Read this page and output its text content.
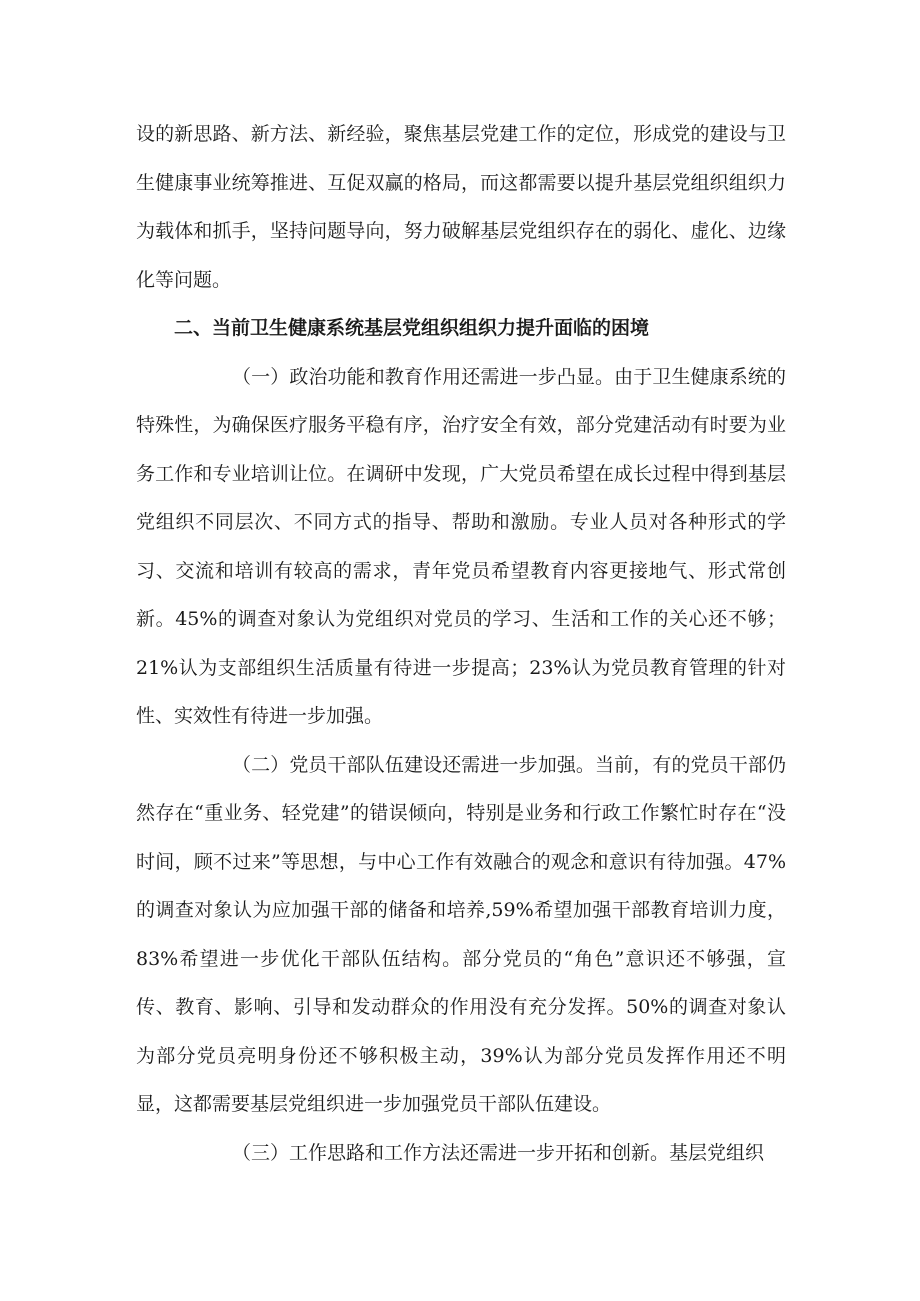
设的新思路、新方法、新经验，聚焦基层党建工作的定位，形成党的建设与卫生健康事业统筹推进、互促双赢的格局，而这都需要以提升基层党组织组织力为载体和抓手，坚持问题导向，努力破解基层党组织存在的弱化、虚化、边缘化等问题。

二、当前卫生健康系统基层党组织组织力提升面临的困境

（一）政治功能和教育作用还需进一步凸显。由于卫生健康系统的特殊性，为确保医疗服务平稳有序，治疗安全有效，部分党建活动有时要为业务工作和专业培训让位。在调研中发现，广大党员希望在成长过程中得到基层党组织不同层次、不同方式的指导、帮助和激励。专业人员对各种形式的学习、交流和培训有较高的需求，青年党员希望教育内容更接地气、形式常创新。45%的调查对象认为党组织对党员的学习、生活和工作的关心还不够；21%认为支部组织生活质量有待进一步提高；23%认为党员教育管理的针对性、实效性有待进一步加强。

（二）党员干部队伍建设还需进一步加强。当前，有的党员干部仍然存在“重业务、轻党建”的错误倾向，特别是业务和行政工作繁忙时存在“没时间，顾不过来”等思想，与中心工作有效融合的观念和意识有待加强。47%的调查对象认为应加强干部的储备和培养,59%希望加强干部教育培训力度，83%希望进一步优化干部队伍结构。部分党员的“角色”意识还不够强，宣传、教育、影响、引导和发动群众的作用没有充分发挥。50%的调查对象认为部分党员亮明身份还不够积极主动，39%认为部分党员发挥作用还不明显，这都需要基层党组织进一步加强党员干部队伍建设。

（三）工作思路和工作方法还需进一步开拓和创新。基层党组织
